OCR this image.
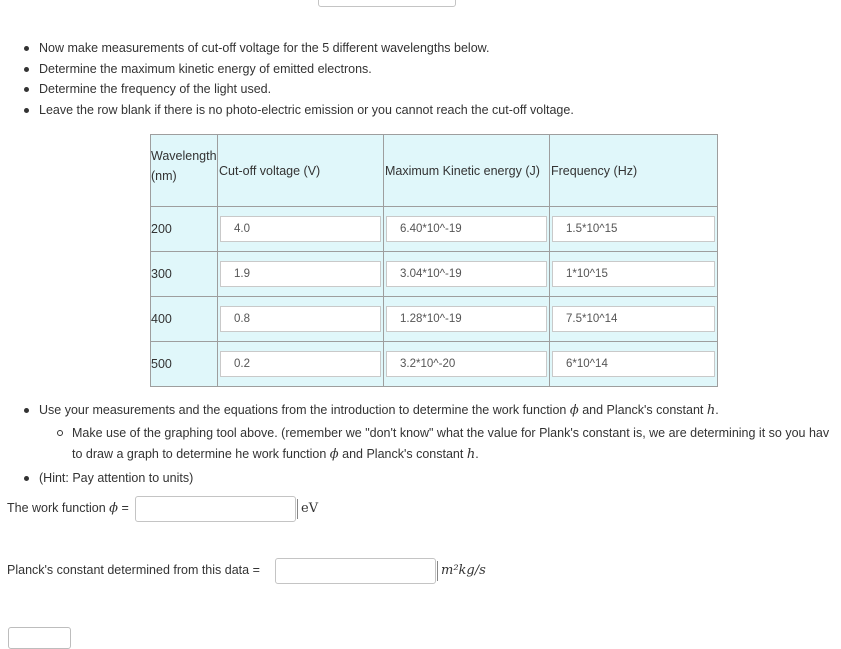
Now make measurements of cut-off voltage for the 5 different wavelengths below.
Determine the maximum kinetic energy of emitted electrons.
Determine the frequency of the light used.
Leave the row blank if there is no photo-electric emission or you cannot reach the cut-off voltage.
Wavelength
(nm)	Cut-off voltage (V)	Maximum Kinetic energy (J)	Frequency (Hz)
200	4.0	6.40*10^-19	1.5*10^15

300	1.9	3.04*10^-19	1*10^15

400	0.8	1.28*10^-19	7.5*10^14

500	0.2	3.2*10^-20	6*10^14
Use your measurements and the equations from the introduction to determine the work function ϕ and Planck's constant h.
Make use of the graphing tool above. (remember we "don't know" what the value for Plank's constant is, we are determining it so you hav
to draw a graph to determine he work function ϕ and Planck's constant h.
(Hint: Pay attention to units)
The work function ϕ =	eV
Planck's constant determined from this data =	m²kg/s
